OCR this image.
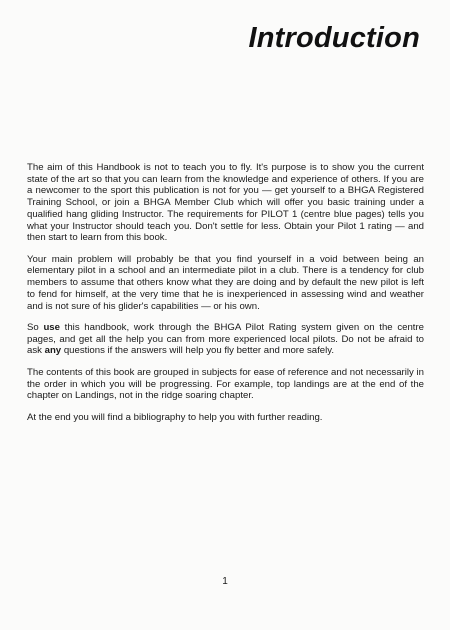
Introduction

The aim of this Handbook is not to teach you to fly. It's purpose is to show you the current state of the art so that you can learn from the knowledge and experience of others. If you are a newcomer to the sport this publication is not for you — get yourself to a BHGA Registered Training School, or join a BHGA Member Club which will offer you basic training under a qualified hang gliding Instructor. The requirements for PILOT 1 (centre blue pages) tells you what your Instructor should teach you. Don't settle for less. Obtain your Pilot 1 rating — and then start to learn from this book.

Your main problem will probably be that you find yourself in a void between being an elementary pilot in a school and an intermediate pilot in a club. There is a tendency for club members to assume that others know what they are doing and by default the new pilot is left to fend for himself, at the very time that he is inexperienced in assessing wind and weather and is not sure of his glider's capabilities — or his own.

So use this handbook, work through the BHGA Pilot Rating system given on the centre pages, and get all the help you can from more experienced local pilots. Do not be afraid to ask any questions if the answers will help you fly better and more safely.

The contents of this book are grouped in subjects for ease of reference and not necessarily in the order in which you will be progressing. For example, top landings are at the end of the chapter on Landings, not in the ridge soaring chapter.

At the end you will find a bibliography to help you with further reading.

1
